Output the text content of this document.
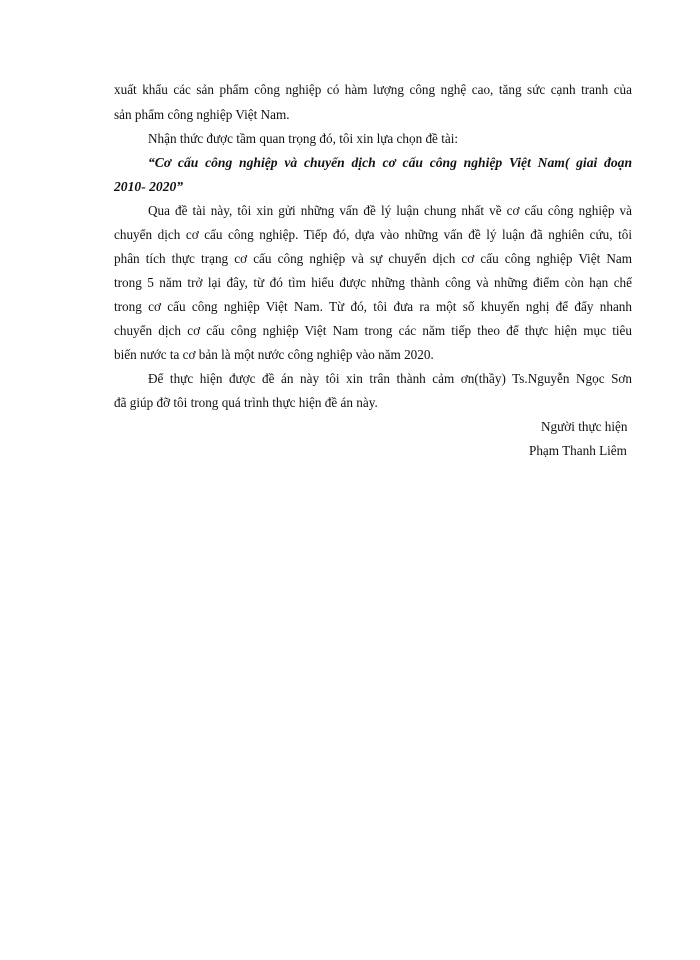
xuất khẩu các sản phẩm công nghiệp có hàm lượng công nghệ cao, tăng sức cạnh tranh của
sản phẩm công nghiệp Việt Nam.
Nhận thức được tầm quan trọng đó, tôi xin lựa chọn đề tài:
“Cơ cấu công nghiệp và chuyển dịch cơ cấu công nghiệp Việt Nam( giai đoạn
2010- 2020”
Qua đề tài này, tôi xin gửi những vấn đề lý luận chung nhất về cơ cấu công nghiệp và
chuyển dịch cơ cấu công nghiệp. Tiếp đó, dựa vào những vấn đề lý luận đã nghiên cứu, tôi
phân tích thực trạng cơ cấu công nghiệp và sự chuyển dịch cơ cấu công nghiệp Việt Nam
trong 5 năm trở lại đây, từ đó tìm hiểu được những thành công và những điểm còn hạn chế
trong cơ cấu công nghiệp Việt Nam. Từ đó, tôi đưa ra một số khuyến nghị để đẩy nhanh
chuyển dịch cơ cấu công nghiệp Việt Nam trong các năm tiếp theo để thực hiện mục tiêu
biến nước ta cơ bản là một nước công nghiệp vào năm 2020.
Để thực hiện được đề án này tôi xin trân thành cảm ơn(thầy) Ts.Nguyễn Ngọc Sơn
đã giúp đỡ tôi trong quá trình thực hiện đề án này.
Người thực hiện
Phạm Thanh Liêm
